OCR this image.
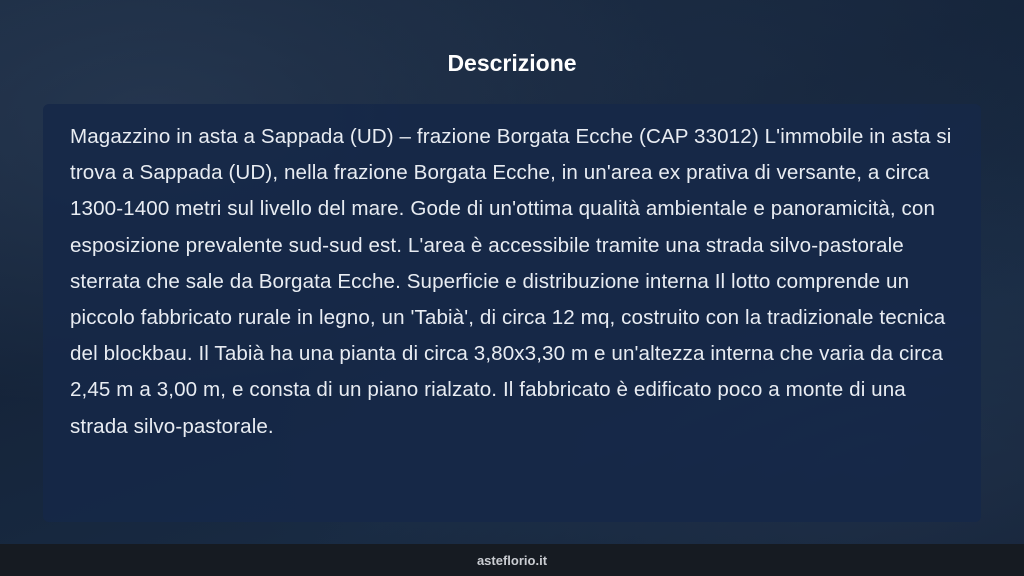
Descrizione

Magazzino in asta a Sappada (UD) – frazione Borgata Ecche (CAP 33012) L'immobile in asta si trova a Sappada (UD), nella frazione Borgata Ecche, in un'area ex prativa di versante, a circa 1300-1400 metri sul livello del mare. Gode di un'ottima qualità ambientale e panoramicità, con esposizione prevalente sud-sud est. L'area è accessibile tramite una strada silvo-pastorale sterrata che sale da Borgata Ecche. Superficie e distribuzione interna Il lotto comprende un piccolo fabbricato rurale in legno, un 'Tabià', di circa 12 mq, costruito con la tradizionale tecnica del blockbau. Il Tabià ha una pianta di circa 3,80x3,30 m e un'altezza interna che varia da circa 2,45 m a 3,00 m, e consta di un piano rialzato. Il fabbricato è edificato poco a monte di una strada silvo-pastorale.

asteflorio.it
